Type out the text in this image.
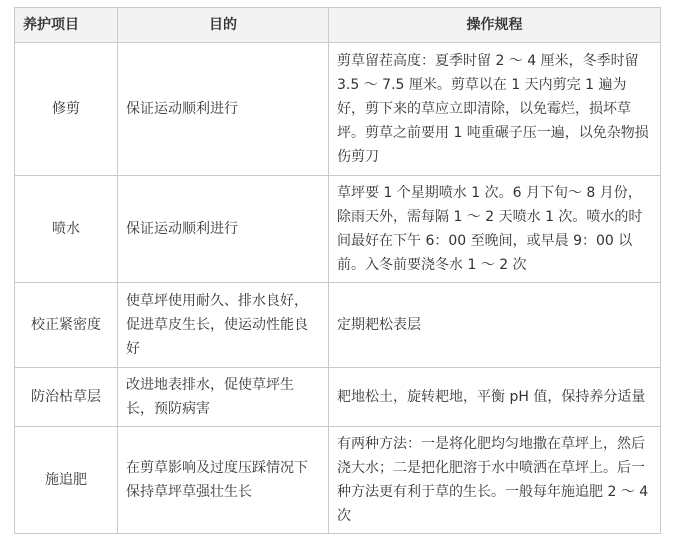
养护项目	目的	操作规程
修剪	保证运动顺利进行	剪草留茬高度：夏季时留 2 ～ 4 厘米，冬季时留 3.5 ～ 7.5 厘米。剪草以在 1 天内剪完 1 遍为好，剪下来的草应立即清除，以免霉烂，损坏草坪。剪草之前要用 1 吨重碾子压一遍，以免杂物损伤剪刀
喷水	保证运动顺利进行	草坪要 1 个星期喷水 1 次。6 月下旬～ 8 月份，除雨天外，需每隔 1 ～ 2 天喷水 1 次。喷水的时间最好在下午 6：00 至晚间，或早晨 9：00 以前。入冬前要浇冬水 1 ～ 2 次
校正紧密度	使草坪使用耐久、排水良好，促进草皮生长，使运动性能良好	定期耙松表层
防治枯草层	改进地表排水，促使草坪生长，预防病害	耙地松土，旋转耙地，平衡 pH 值，保持养分适量
施追肥	在剪草影响及过度压踩情况下保持草坪草强壮生长	有两种方法：一是将化肥均匀地撒在草坪上，然后浇大水；二是把化肥溶于水中喷洒在草坪上。后一种方法更有利于草的生长。一般每年施追肥 2 ～ 4 次
